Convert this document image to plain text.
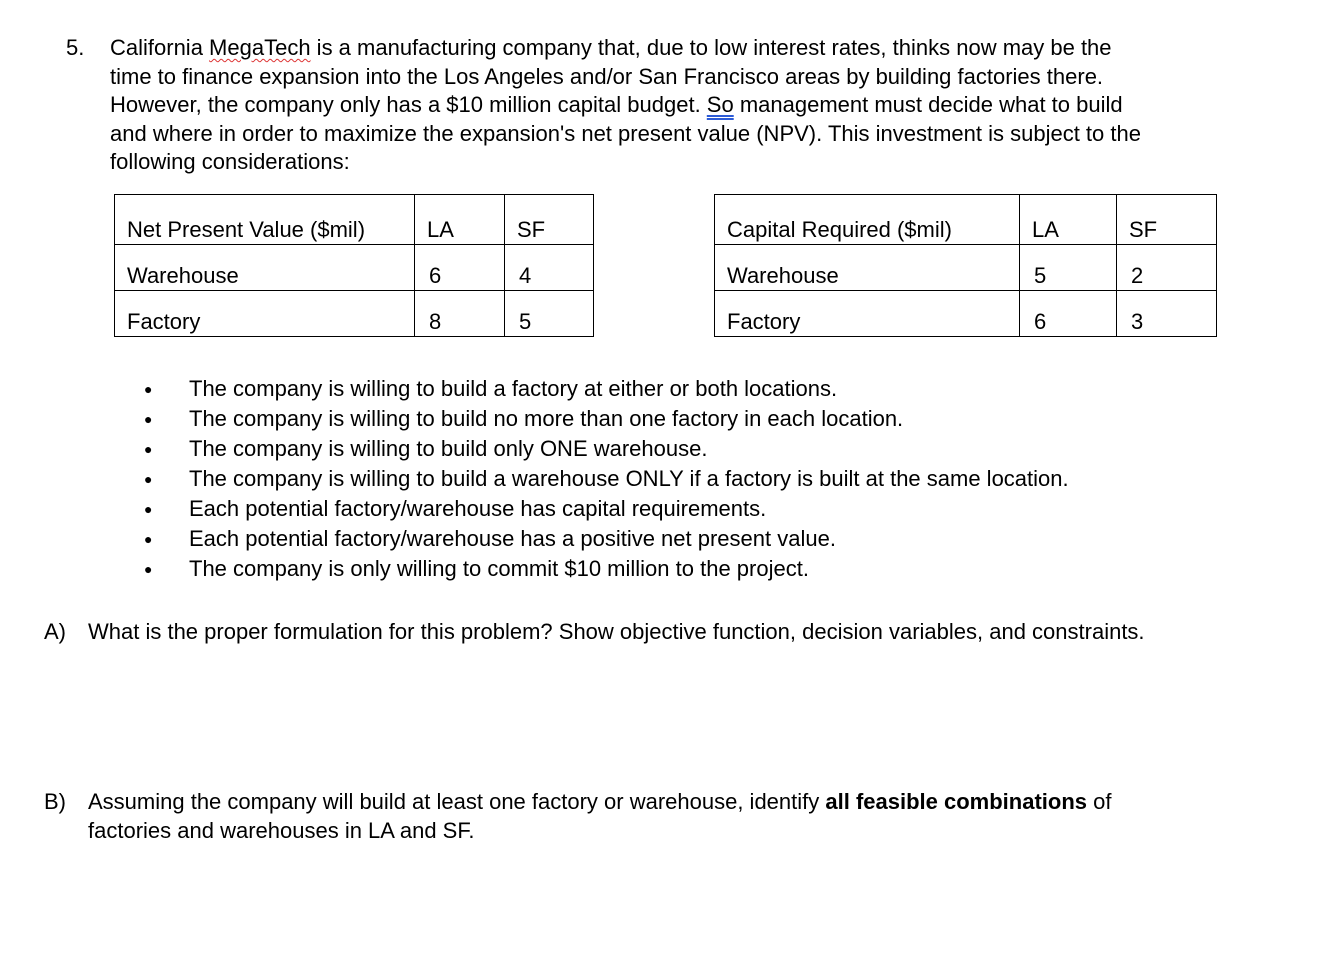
5. California MegaTech is a manufacturing company that, due to low interest rates, thinks now may be the
time to finance expansion into the Los Angeles and/or San Francisco areas by building factories there.
However, the company only has a $10 million capital budget. So management must decide what to build
and where in order to maximize the expansion's net present value (NPV). This investment is subject to the
following considerations:
Net Present Value ($mil)	LA	SF
Warehouse	6	4
Factory	8	5
Capital Required ($mil)	LA	SF
Warehouse	5	2
Factory	6	3
● The company is willing to build a factory at either or both locations.
● The company is willing to build no more than one factory in each location.
● The company is willing to build only ONE warehouse.
● The company is willing to build a warehouse ONLY if a factory is built at the same location.
● Each potential factory/warehouse has capital requirements.
● Each potential factory/warehouse has a positive net present value.
● The company is only willing to commit $10 million to the project.
A) What is the proper formulation for this problem? Show objective function, decision variables, and constraints.
B) Assuming the company will build at least one factory or warehouse, identify all feasible combinations of
factories and warehouses in LA and SF.
